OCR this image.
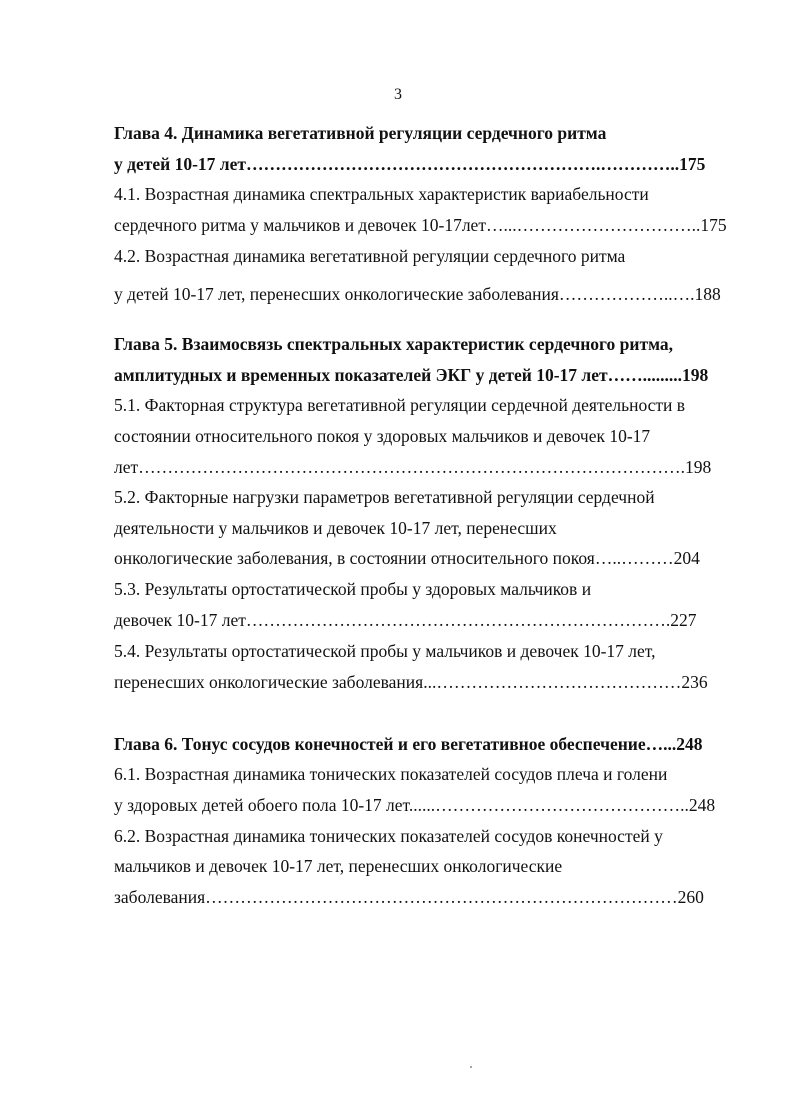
3
Глава 4. Динамика вегетативной регуляции сердечного ритма
у детей 10-17 лет…………………………………………………….…………..175
4.1. Возрастная динамика спектральных характеристик вариабельности
сердечного ритма у мальчиков и девочек 10-17лет…...…………………………..175
4.2. Возрастная динамика вегетативной регуляции сердечного ритма
у детей 10-17 лет, перенесших онкологические заболевания………………..….188
Глава 5. Взаимосвязь спектральных характеристик сердечного ритма,
амплитудных и временных показателей ЭКГ у детей 10-17 лет…….........198
5.1. Факторная структура вегетативной регуляции сердечной деятельности в
состоянии относительного покоя у здоровых мальчиков и девочек 10-17
лет………………………………………………………………………………….198
5.2. Факторные нагрузки параметров вегетативной регуляции сердечной
деятельности у мальчиков и девочек 10-17 лет, перенесших
онкологические заболевания, в состоянии относительного покоя…..………204
5.3. Результаты ортостатической пробы у здоровых мальчиков и
девочек 10-17 лет……………………………………………………………….227
5.4. Результаты ортостатической пробы у мальчиков и девочек 10-17 лет,
перенесших онкологические заболевания...……………………………………236
Глава 6. Тонус сосудов конечностей и его вегетативное обеспечение…...248
6.1. Возрастная динамика тонических показателей сосудов плеча и голени
у здоровых детей обоего пола 10-17 лет......……………………………………..248
6.2. Возрастная динамика тонических показателей сосудов конечностей у
мальчиков и девочек 10-17 лет, перенесших онкологические
заболевания………………………………………………………………………260
